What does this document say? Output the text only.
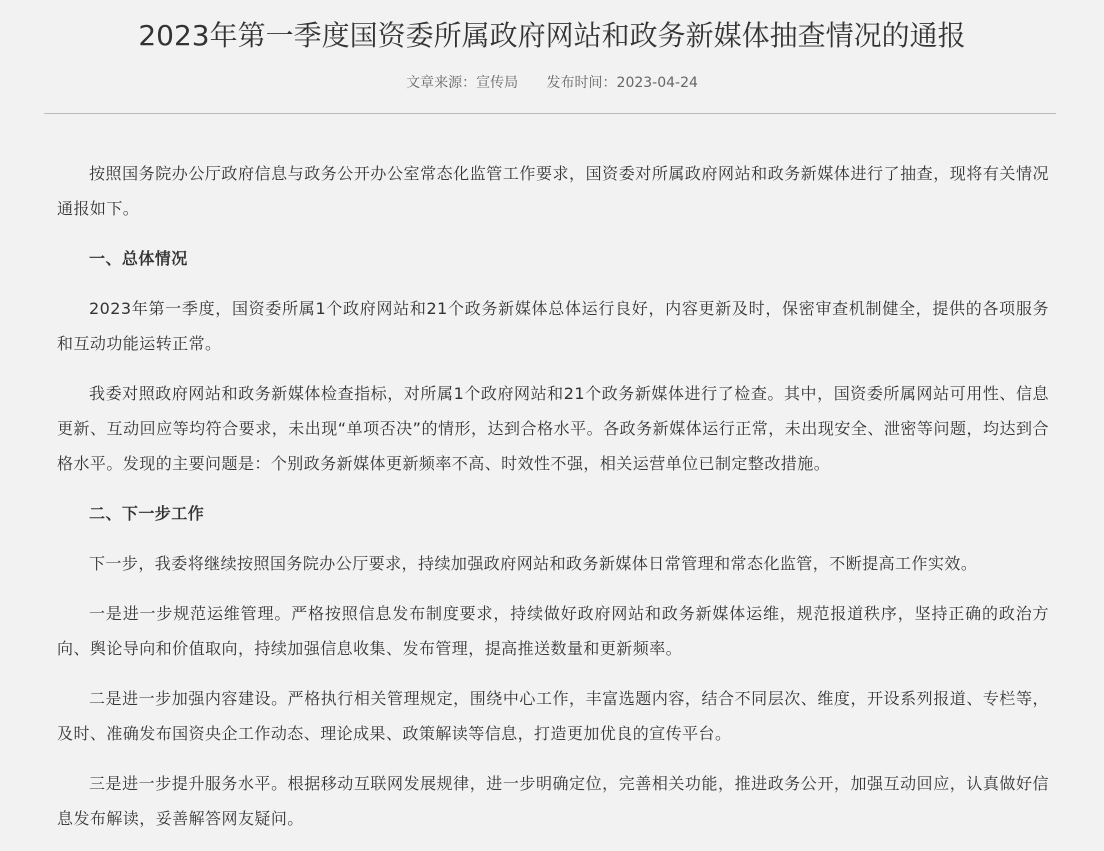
2023年第一季度国资委所属政府网站和政务新媒体抽查情况的通报
文章来源：宣传局 发布时间：2023-04-24

按照国务院办公厅政府信息与政务公开办公室常态化监管工作要求，国资委对所属政府网站和政务新媒体进行了抽查，现将有关情况通报如下。

一、总体情况

2023年第一季度，国资委所属1个政府网站和21个政务新媒体总体运行良好，内容更新及时，保密审查机制健全，提供的各项服务和互动功能运转正常。

我委对照政府网站和政务新媒体检查指标，对所属1个政府网站和21个政务新媒体进行了检查。其中，国资委所属网站可用性、信息更新、互动回应等均符合要求，未出现“单项否决”的情形，达到合格水平。各政务新媒体运行正常，未出现安全、泄密等问题，均达到合格水平。发现的主要问题是：个别政务新媒体更新频率不高、时效性不强，相关运营单位已制定整改措施。

二、下一步工作

下一步，我委将继续按照国务院办公厅要求，持续加强政府网站和政务新媒体日常管理和常态化监管，不断提高工作实效。

一是进一步规范运维管理。严格按照信息发布制度要求，持续做好政府网站和政务新媒体运维，规范报道秩序，坚持正确的政治方向、舆论导向和价值取向，持续加强信息收集、发布管理，提高推送数量和更新频率。

二是进一步加强内容建设。严格执行相关管理规定，围绕中心工作，丰富选题内容，结合不同层次、维度，开设系列报道、专栏等，及时、准确发布国资央企工作动态、理论成果、政策解读等信息，打造更加优良的宣传平台。

三是进一步提升服务水平。根据移动互联网发展规律，进一步明确定位，完善相关功能，推进政务公开，加强互动回应，认真做好信息发布解读，妥善解答网友疑问。
